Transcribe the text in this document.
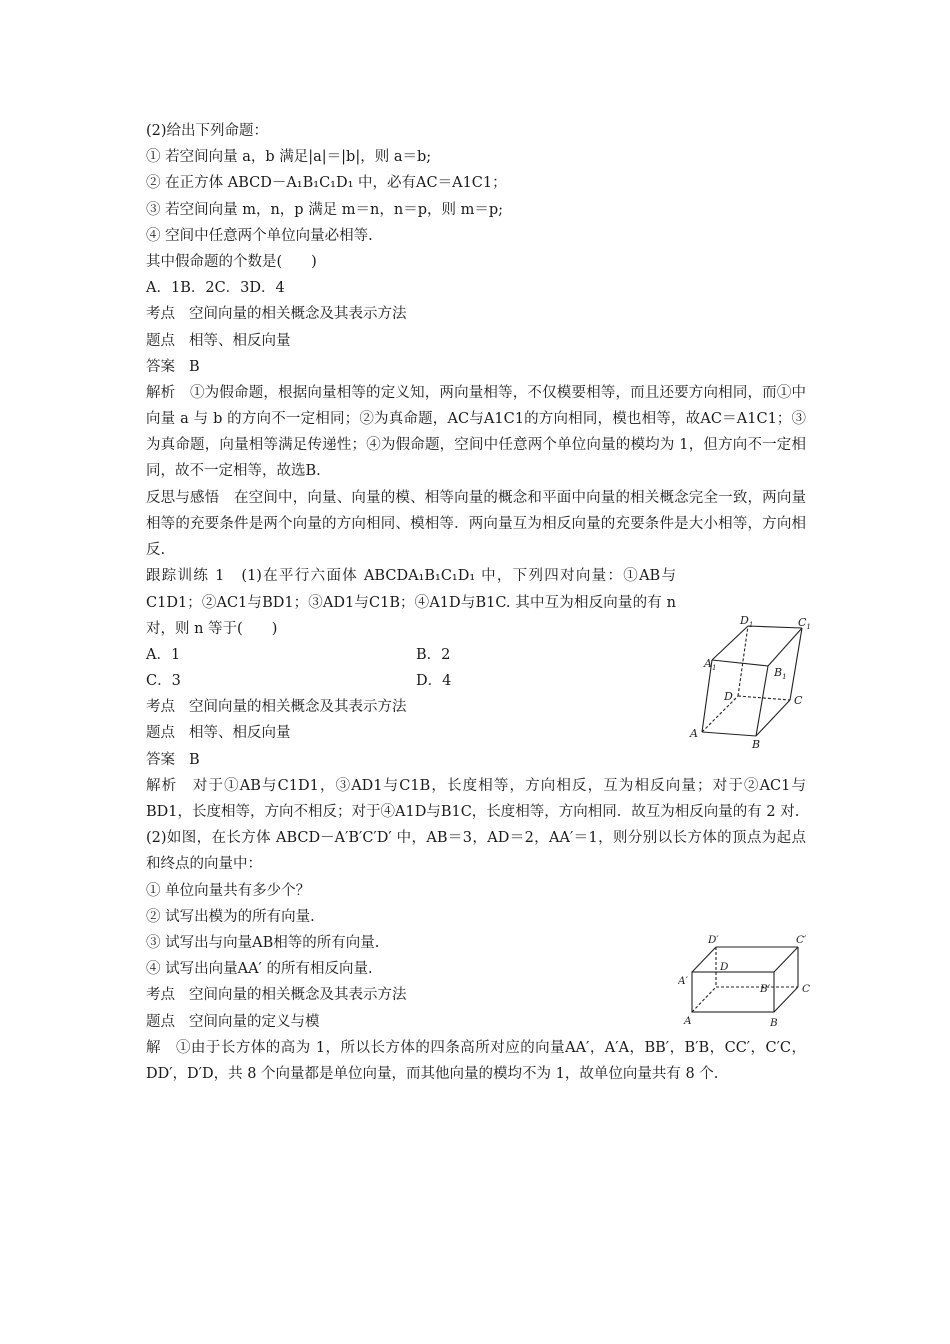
(2)给出下列命题：
① 若空间向量 a，b 满足|a|＝|b|，则 a＝b;
② 在正方体 ABCD－A₁B₁C₁D₁ 中，必有AC＝A1C1；
③ 若空间向量 m，n，p 满足 m＝n，n＝p，则 m＝p;
④ 空间中任意两个单位向量必相等.
其中假命题的个数是(　　)
A．1B．2C．3D．4
考点 空间向量的相关概念及其表示方法
题点 相等、相反向量
答案 B
解析　①为假命题，根据向量相等的定义知，两向量相等，不仅模要相等，而且还要方向相同，而①中向量 a 与 b 的方向不一定相同；②为真命题，AC与A1C1的方向相同，模也相等，故AC＝A1C1；③为真命题，向量相等满足传递性；④为假命题，空间中任意两个单位向量的模均为 1，但方向不一定相同，故不一定相等，故选B.
反思与感悟　在空间中，向量、向量的模、相等向量的概念和平面中向量的相关概念完全一致，两向量相等的充要条件是两个向量的方向相同、模相等．两向量互为相反向量的充要条件是大小相等，方向相反.
跟踪训练 1　(1)在平行六面体 ABCDA₁B₁C₁D₁ 中，下列四对向量：①AB与C1D1；②AC1与BD1；③AD1与C1B；④A1D与B1C. 其中互为相反向量的有 n 对，则 n 等于(　　)
A．1	B．2
C．3	D．4
考点 空间向量的相关概念及其表示方法
题点 相等、相反向量
答案 B
解析　对于①AB与C1D1，③AD1与C1B，长度相等，方向相反，互为相反向量；对于②AC1与BD1，长度相等，方向不相反；对于④A1D与B1C，长度相等，方向相同．故互为相反向量的有 2 对.
(2)如图，在长方体 ABCD－A′B′C′D′ 中，AB＝3，AD＝2，AA′＝1，则分别以长方体的顶点为起点和终点的向量中：
① 单位向量共有多少个？
② 试写出模为的所有向量.
③ 试写出与向量AB相等的所有向量.
④ 试写出向量AA′ 的所有相反向量.
考点 空间向量的相关概念及其表示方法
题点 空间向量的定义与模
解　①由于长方体的高为 1，所以长方体的四条高所对应的向量AA′，A′A，BB′，B′B，CC′，C′C，DD′，D′D，共 8 个向量都是单位向量，而其他向量的模均不为 1，故单位向量共有 8 个.
A
B
C
D
$A_1$	$B_1$
$C_1$
$D_1$
A	B
C
D
A′
B′
C′
D′
